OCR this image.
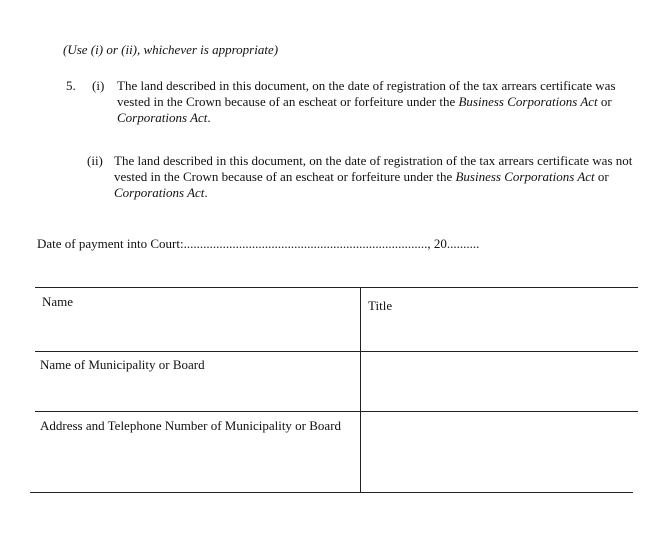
(Use (i) or (ii), whichever is appropriate)
5. (i) The land described in this document, on the date of registration of the tax arrears certificate was vested in the Crown because of an escheat or forfeiture under the Business Corporations Act or Corporations Act.
(ii) The land described in this document, on the date of registration of the tax arrears certificate was not vested in the Crown because of an escheat or forfeiture under the Business Corporations Act or Corporations Act.
Date of payment into Court:..........................................................................., 20..........
Name	Title
Name of Municipality or Board
Address and Telephone Number of Municipality or Board
